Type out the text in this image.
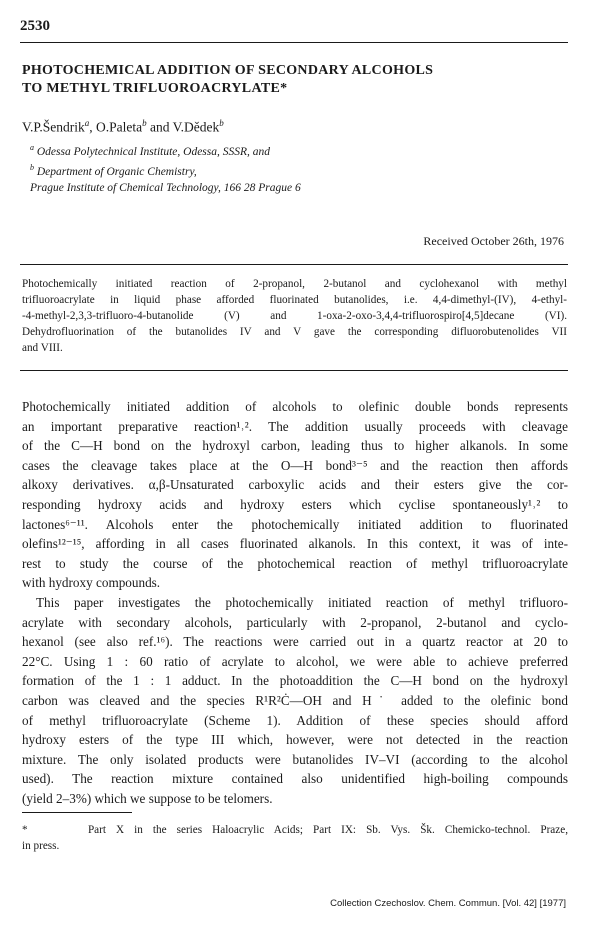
2530
PHOTOCHEMICAL ADDITION OF SECONDARY ALCOHOLS
TO METHYL TRIFLUOROACRYLATE*
V.P.Šendrik$^a$, O.Paleta$^b$ and V.Dědek$^b$
$^a$ Odessa Polytechnical Institute, Odessa, SSSR, and
$^b$ Department of Organic Chemistry,
Prague Institute of Chemical Technology, 166 28 Prague 6
Received October 26th, 1976
Photochemically initiated reaction of 2-propanol, 2-butanol and cyclohexanol with methyl
trifluoroacrylate in liquid phase afforded fluorinated butanolides, i.e. 4,4-dimethyl-(IV), 4-ethyl-
-4-methyl-2,3,3-trifluoro-4-butanolide (V) and 1-oxa-2-oxo-3,4,4-trifluorospiro[4,5]decane (VI).
Dehydrofluorination of the butanolides IV and V gave the corresponding difluorobutenolides VII
and VIII.
Photochemically initiated addition of alcohols to olefinic double bonds represents
an important preparative reaction¹˒². The addition usually proceeds with cleavage
of the C—H bond on the hydroxyl carbon, leading thus to higher alkanols. In some
cases the cleavage takes place at the O—H bond³⁻⁵ and the reaction then affords
alkoxy derivatives. α,β-Unsaturated carboxylic acids and their esters give the cor-
responding hydroxy acids and hydroxy esters which cyclise spontaneously¹˒² to
lactones⁶⁻¹¹. Alcohols enter the photochemically initiated addition to fluorinated
olefins¹²⁻¹⁵, affording in all cases fluorinated alkanols. In this context, it was of inte-
rest to study the course of the photochemical reaction of methyl trifluoroacrylate
with hydroxy compounds.
This paper investigates the photochemically initiated reaction of methyl trifluoro-
acrylate with secondary alcohols, particularly with 2-propanol, 2-butanol and cyclo-
hexanol (see also ref.¹⁶). The reactions were carried out in a quartz reactor at 20 to
22°C. Using 1 : 60 ratio of acrylate to alcohol, we were able to achieve preferred
formation of the 1 : 1 adduct. In the photoaddition the C—H bond on the hydroxyl
carbon was cleaved and the species R¹R²Ċ—OH and H˙ added to the olefinic bond
of methyl trifluoroacrylate (Scheme 1). Addition of these species should afford
hydroxy esters of the type III which, however, were not detected in the reaction
mixture. The only isolated products were butanolides IV–VI (according to the alcohol
used). The reaction mixture contained also unidentified high-boiling compounds
(yield 2–3%) which we suppose to be telomers.
*	Part X in the series Haloacrylic Acids; Part IX: Sb. Vys. Šk. Chemicko-technol. Praze,
in press.
Collection Czechoslov. Chem. Commun. [Vol. 42] [1977]
